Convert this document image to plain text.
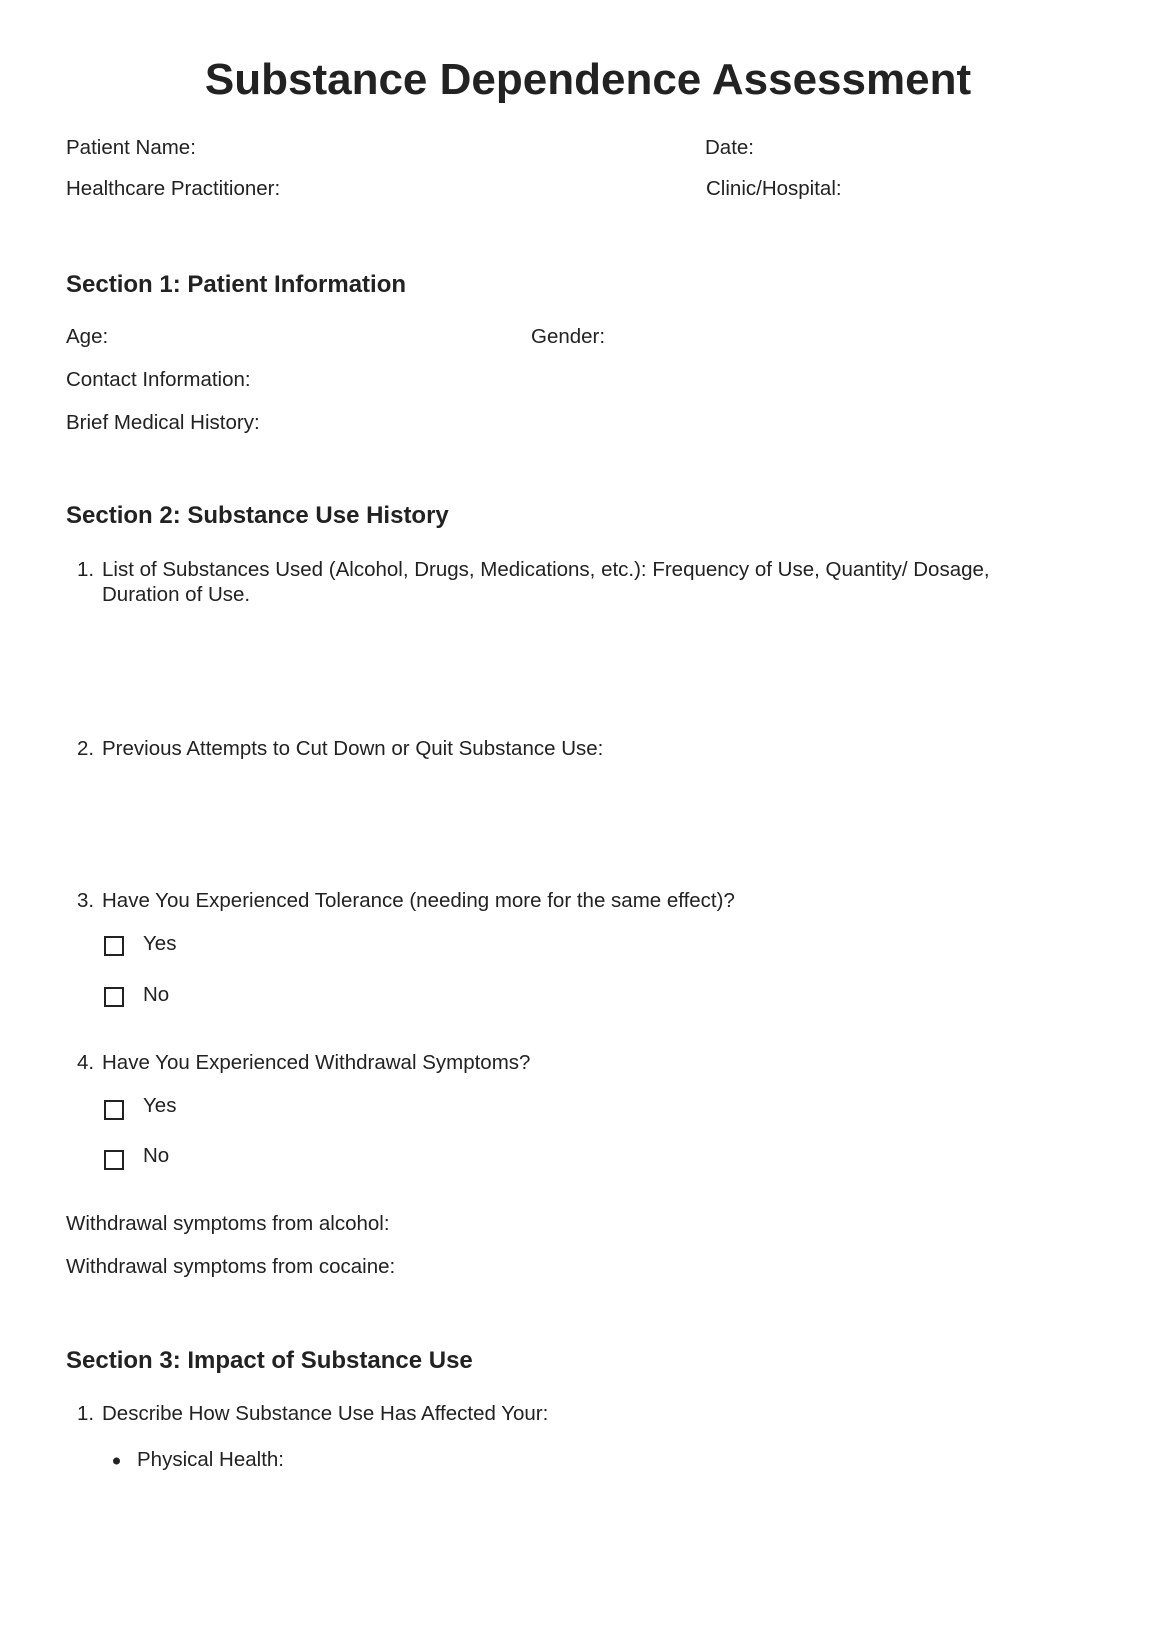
Substance Dependence Assessment
Patient Name:	Date:
Healthcare Practitioner:	Clinic/Hospital:
Section 1: Patient Information
Age:	Gender:
Contact Information:
Brief Medical History:
Section 2: Substance Use History
1. List of Substances Used (Alcohol, Drugs, Medications, etc.): Frequency of Use, Quantity/ Dosage,
Duration of Use.
2. Previous Attempts to Cut Down or Quit Substance Use:
3. Have You Experienced Tolerance (needing more for the same effect)?
Yes
No
4. Have You Experienced Withdrawal Symptoms?
Yes
No
Withdrawal symptoms from alcohol:
Withdrawal symptoms from cocaine:
Section 3: Impact of Substance Use
1. Describe How Substance Use Has Affected Your:
Physical Health:
